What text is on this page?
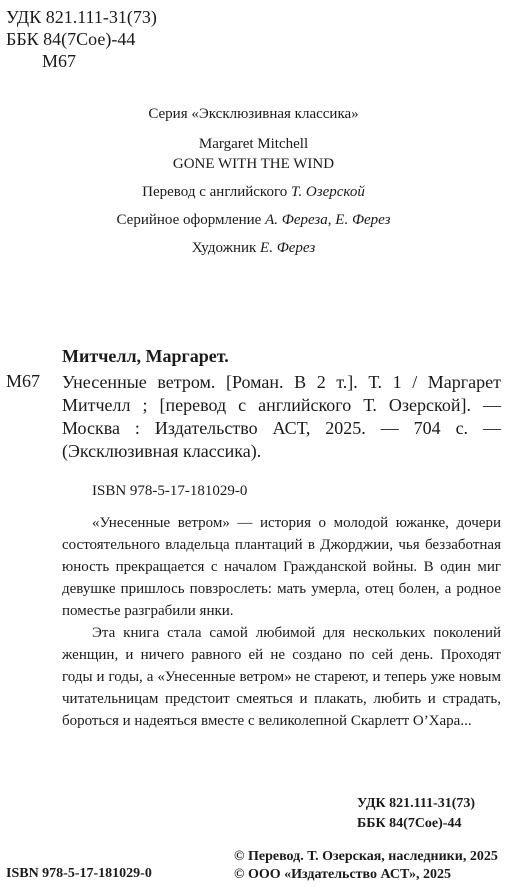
УДК 821.111-31(73)
ББК 84(7Сое)-44
М67
Серия «Эксклюзивная классика»
Margaret Mitchell
GONE WITH THE WIND
Перевод с английского Т. Озерской
Серийное оформление А. Фереза, Е. Ферез
Художник Е. Ферез
Митчелл, Маргарет.
М67 Унесенные ветром. [Роман. В 2 т.]. Т. 1 / Маргарет Митчелл ; [перевод с английского Т. Озерской]. — Москва : Издательство АСТ, 2025. — 704 с. — (Эксклюзивная классика).
ISBN 978-5-17-181029-0

«Унесенные ветром» — история о молодой южанке, дочери состоятельного владельца плантаций в Джорджии, чья беззаботная юность прекращается с началом Гражданской войны. В один миг девушке пришлось повзрослеть: мать умерла, отец болен, а родное поместье разграбили янки.

Эта книга стала самой любимой для нескольких поколений женщин, и ничего равного ей не создано по сей день. Проходят годы и годы, а «Унесенные ветром» не стареют, и теперь уже новым читательницам предстоит смеяться и плакать, любить и страдать, бороться и надеяться вместе с великолепной Скарлетт О’Хара...

УДК 821.111-31(73)
ББК 84(7Сое)-44
ISBN 978-5-17-181029-0
© Перевод. Т. Озерская, наследники, 2025
© ООО «Издательство АСТ», 2025
